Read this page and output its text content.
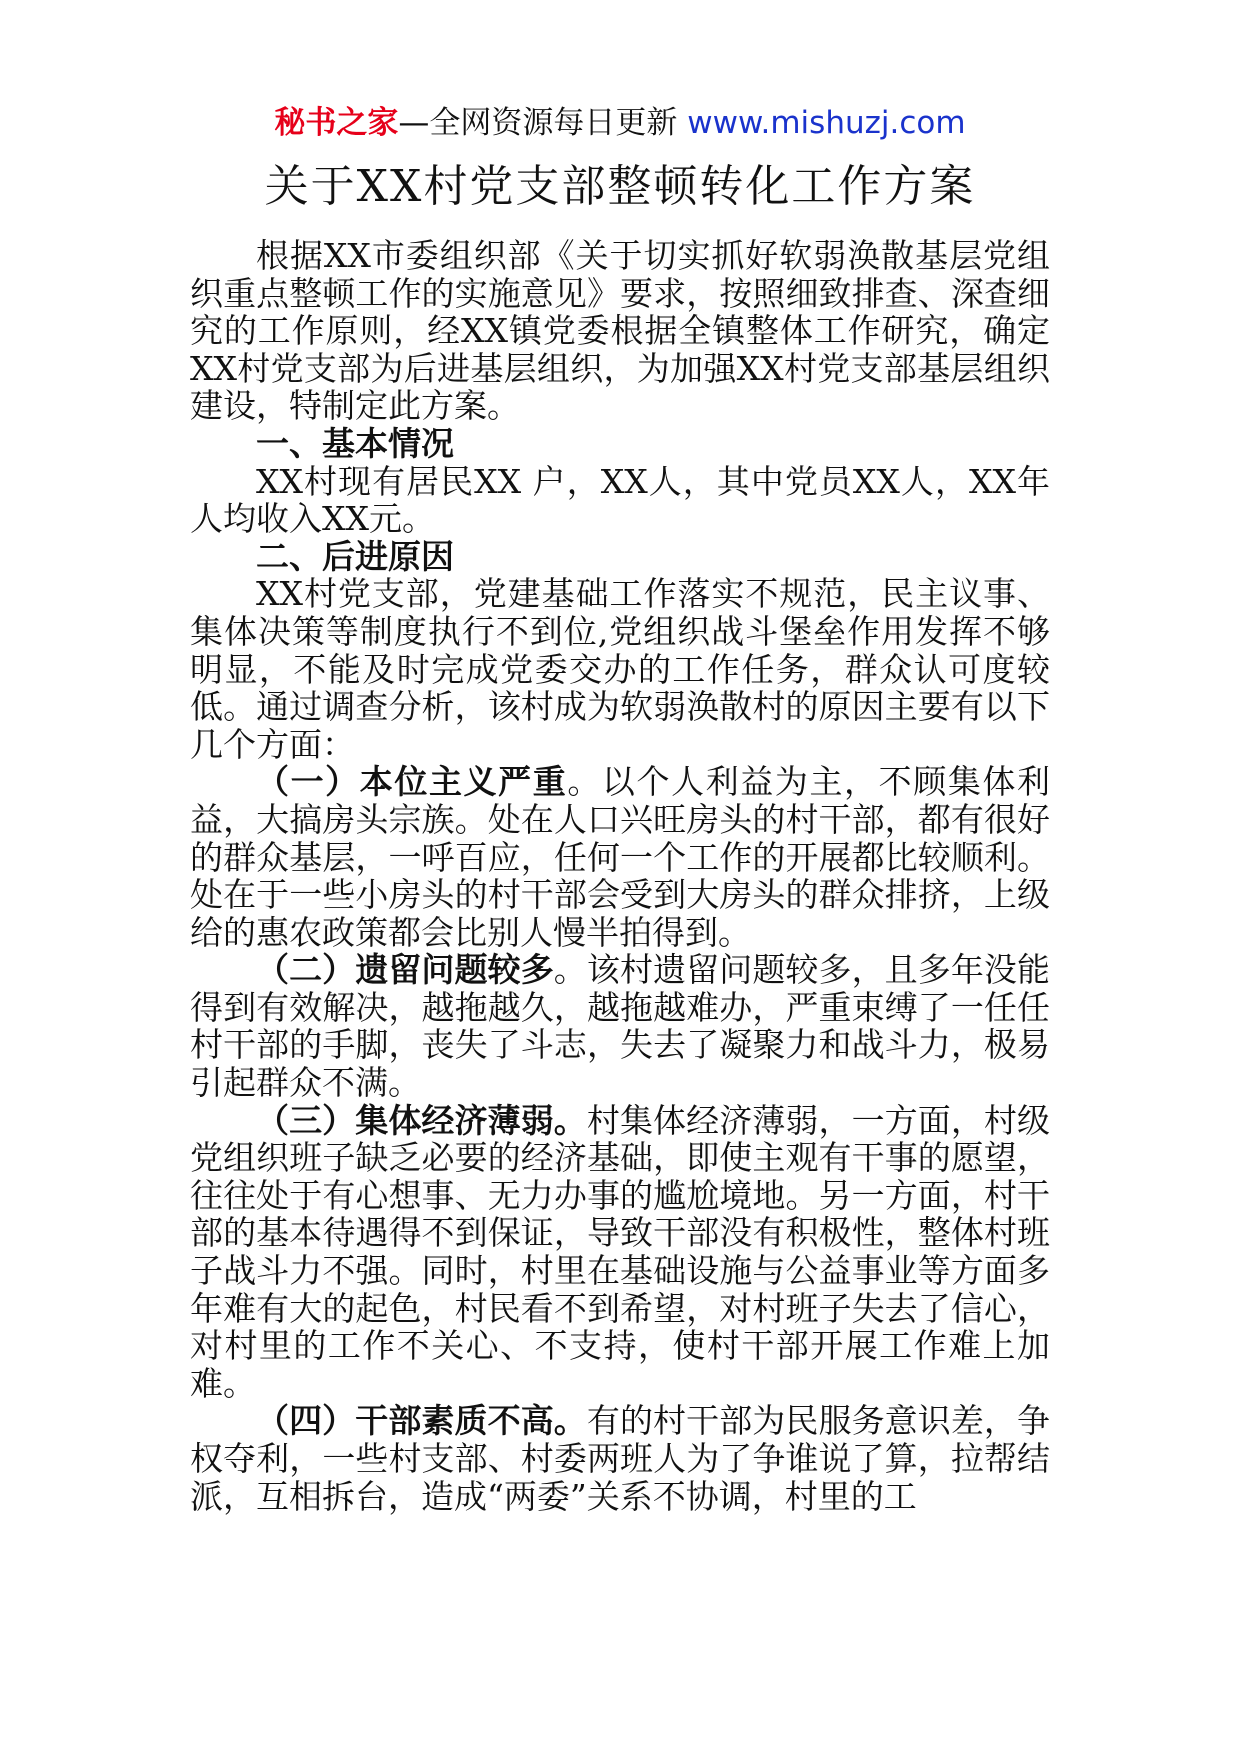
秘书之家—全网资源每日更新 www.mishuzj.com
关于XX村党支部整顿转化工作方案

根据XX市委组织部《关于切实抓好软弱涣散基层党组织重点整顿工作的实施意见》要求，按照细致排查、深查细究的工作原则，经XX镇党委根据全镇整体工作研究，确定XX村党支部为后进基层组织，为加强XX村党支部基层组织建设，特制定此方案。

一、基本情况

XX村现有居民XX 户，XX人，其中党员XX人，XX年人均收入XX元。

二、后进原因

XX村党支部，党建基础工作落实不规范，民主议事、集体决策等制度执行不到位,党组织战斗堡垒作用发挥不够明显，不能及时完成党委交办的工作任务，群众认可度较低。通过调查分析，该村成为软弱涣散村的原因主要有以下几个方面：

（一）本位主义严重。以个人利益为主，不顾集体利益，大搞房头宗族。处在人口兴旺房头的村干部，都有很好的群众基层，一呼百应，任何一个工作的开展都比较顺利。处在于一些小房头的村干部会受到大房头的群众排挤，上级给的惠农政策都会比别人慢半拍得到。

（二）遗留问题较多。该村遗留问题较多，且多年没能得到有效解决，越拖越久，越拖越难办，严重束缚了一任任村干部的手脚，丧失了斗志，失去了凝聚力和战斗力，极易引起群众不满。

（三）集体经济薄弱。村集体经济薄弱，一方面，村级党组织班子缺乏必要的经济基础，即使主观有干事的愿望，往往处于有心想事、无力办事的尴尬境地。另一方面，村干部的基本待遇得不到保证，导致干部没有积极性，整体村班子战斗力不强。同时，村里在基础设施与公益事业等方面多年难有大的起色，村民看不到希望，对村班子失去了信心，对村里的工作不关心、不支持，使村干部开展工作难上加难。

（四）干部素质不高。有的村干部为民服务意识差，争权夺利，一些村支部、村委两班人为了争谁说了算，拉帮结派，互相拆台，造成“两委”关系不协调，村里的工
